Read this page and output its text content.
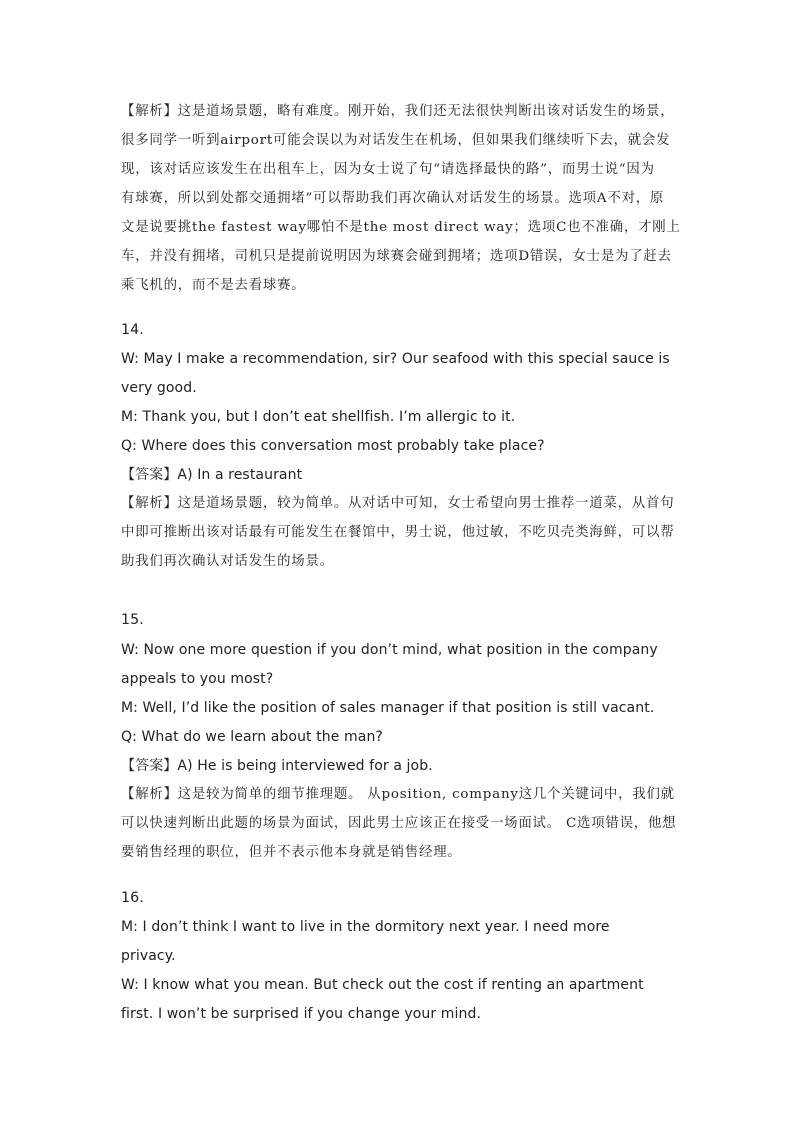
【解析】这是道场景题，略有难度。刚开始，我们还无法很快判断出该对话发生的场景，
很多同学一听到airport可能会误以为对话发生在机场，但如果我们继续听下去，就会发
现，该对话应该发生在出租车上，因为女士说了句“请选择最快的路”，而男士说“因为
有球赛，所以到处都交通拥堵”可以帮助我们再次确认对话发生的场景。选项A不对，原
文是说要挑the fastest way哪怕不是the most direct way；选项C也不准确，才刚上
车，并没有拥堵，司机只是提前说明因为球赛会碰到拥堵；选项D错误，女士是为了赶去
乘飞机的，而不是去看球赛。
14.
W: May I make a recommendation, sir? Our seafood with this special sauce is
very good.
M: Thank you, but I don’t eat shellfish. I’m allergic to it.
Q: Where does this conversation most probably take place?
【答案】A) In a restaurant
【解析】这是道场景题，较为简单。从对话中可知，女士希望向男士推荐一道菜，从首句
中即可推断出该对话最有可能发生在餐馆中，男士说，他过敏，不吃贝壳类海鲜，可以帮
助我们再次确认对话发生的场景。
15.
W: Now one more question if you don’t mind, what position in the company
appeals to you most?
M: Well, I’d like the position of sales manager if that position is still vacant.
Q: What do we learn about the man?
【答案】A) He is being interviewed for a job.
【解析】这是较为简单的细节推理题。 从position, company这几个关键词中，我们就
可以快速判断出此题的场景为面试，因此男士应该正在接受一场面试。 C选项错误，他想
要销售经理的职位，但并不表示他本身就是销售经理。
16.
M: I don’t think I want to live in the dormitory next year. I need more
privacy.
W: I know what you mean. But check out the cost if renting an apartment
first. I won’t be surprised if you change your mind.
